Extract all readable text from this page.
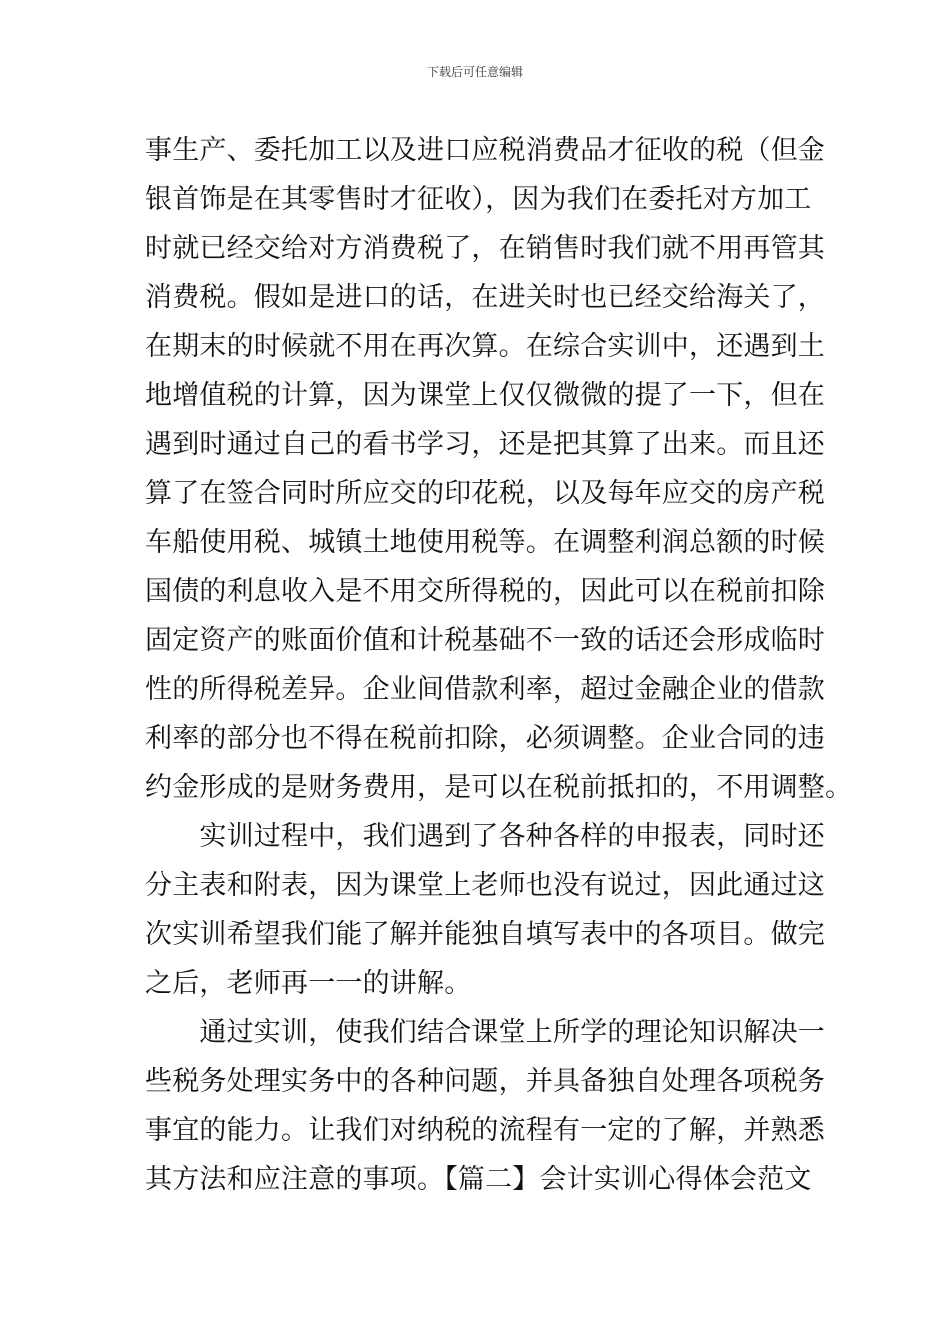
下载后可任意编辑

事生产、委托加工以及进口应税消费品才征收的税（但金
银首饰是在其零售时才征收），因为我们在委托对方加工
时就已经交给对方消费税了，在销售时我们就不用再管其
消费税。假如是进口的话，在进关时也已经交给海关了，
在期末的时候就不用在再次算。在综合实训中，还遇到土
地增值税的计算，因为课堂上仅仅微微的提了一下，但在
遇到时通过自己的看书学习，还是把其算了出来。而且还
算了在签合同时所应交的印花税，以及每年应交的房产税
车船使用税、城镇土地使用税等。在调整利润总额的时候
国债的利息收入是不用交所得税的，因此可以在税前扣除
固定资产的账面价值和计税基础不一致的话还会形成临时
性的所得税差异。企业间借款利率，超过金融企业的借款
利率的部分也不得在税前扣除，必须调整。企业合同的违
约金形成的是财务费用，是可以在税前抵扣的，不用调整。

　　实训过程中，我们遇到了各种各样的申报表，同时还
分主表和附表，因为课堂上老师也没有说过，因此通过这
次实训希望我们能了解并能独自填写表中的各项目。做完
之后，老师再一一的讲解。

　　通过实训，使我们结合课堂上所学的理论知识解决一
些税务处理实务中的各种问题，并具备独自处理各项税务
事宜的能力。让我们对纳税的流程有一定的了解，并熟悉
其方法和应注意的事项。【篇二】会计实训心得体会范文
